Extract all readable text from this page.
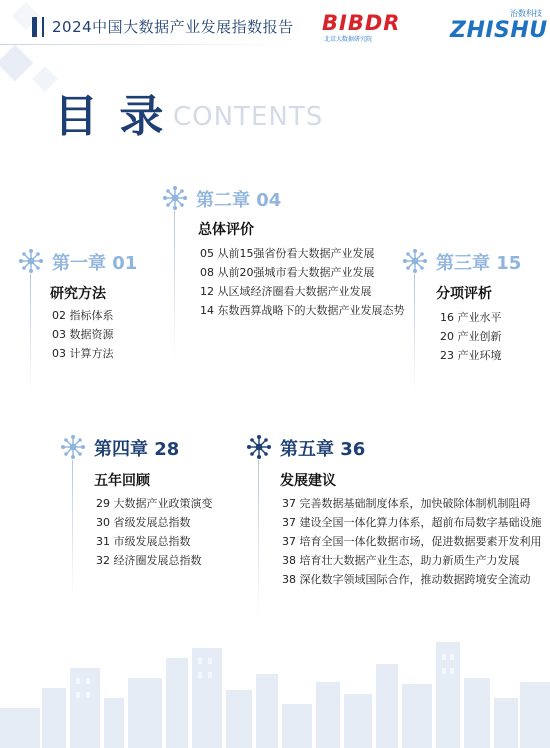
2024中国大数据产业发展指数报告 BIBDR
北京大数据研究院
治数科技
ZHISHU
目 录 CONTENTS
第一章 01
研究方法
02 指标体系
03 数据资源
03 计算方法
第二章 04
总体评价
05 从前15强省份看大数据产业发展
08 从前20强城市看大数据产业发展
12 从区域经济圈看大数据产业发展
14 东数西算战略下的大数据产业发展态势
第三章 15
分项评析
16 产业水平
20 产业创新
23 产业环境
第四章 28
五年回顾
29 大数据产业政策演变
30 省级发展总指数
31 市级发展总指数
32 经济圈发展总指数
第五章 36
发展建议
37 完善数据基础制度体系，加快破除体制机制阻碍
37 建设全国一体化算力体系，超前布局数字基础设施
37 培育全国一体化数据市场，促进数据要素开发利用
38 培育壮大数据产业生态，助力新质生产力发展
38 深化数字领域国际合作，推动数据跨境安全流动
